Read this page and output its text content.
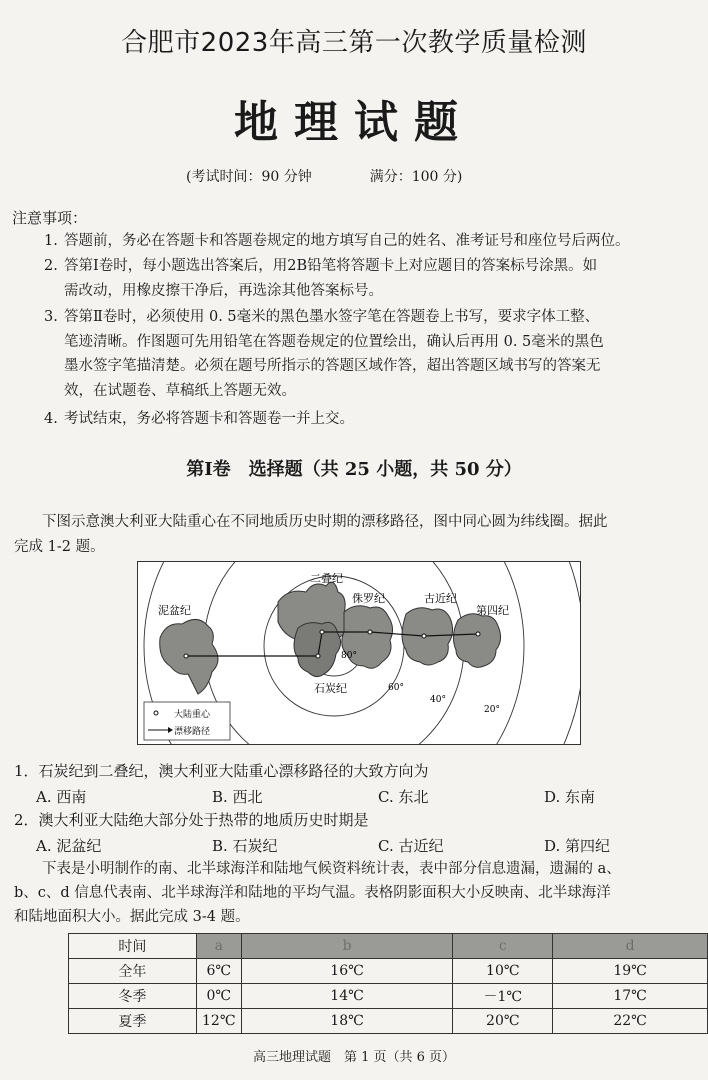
合肥市2023年高三第一次教学质量检测
地理试题
(考试时间：90 分钟	满分：100 分)
注意事项：
1. 答题前，务必在答题卡和答题卷规定的地方填写自己的姓名、准考证号和座位号后两位。
2. 答第Ⅰ卷时，每小题选出答案后，用2B铅笔将答题卡上对应题目的答案标号涂黑。如
需改动，用橡皮擦干净后，再选涂其他答案标号。
3. 答第Ⅱ卷时，必须使用 0. 5毫米的黑色墨水签字笔在答题卷上书写，要求字体工整、
笔迹清晰。作图题可先用铅笔在答题卷规定的位置绘出，确认后再用 0. 5毫米的黑色
墨水签字笔描清楚。必须在题号所指示的答题区域作答，超出答题区域书写的答案无
效，在试题卷、草稿纸上答题无效。
4. 考试结束，务必将答题卡和答题卷一并上交。
第Ⅰ卷　选择题（共 25 小题，共 50 分）
下图示意澳大利亚大陆重心在不同地质历史时期的漂移路径，图中同心圆为纬线圈。据此
完成 1-2 题。
泥盆纪
二叠纪
侏罗纪	古近纪
第四纪
石炭纪
80°
60°
40°
20°
大陆重心
漂移路径
1．石炭纪到二叠纪，澳大利亚大陆重心漂移路径的大致方向为
A. 西南	B. 西北	C. 东北	D. 东南
2．澳大利亚大陆绝大部分处于热带的地质历史时期是
A. 泥盆纪	B. 石炭纪	C. 古近纪	D. 第四纪
下表是小明制作的南、北半球海洋和陆地气候资料统计表，表中部分信息遗漏，遗漏的 a、
b、c、d 信息代表南、北半球海洋和陆地的平均气温。表格阴影面积大小反映南、北半球海洋
和陆地面积大小。据此完成 3-4 题。
时间	a	b	c	d
全年	6℃	16℃	10℃	19℃
冬季	0℃	14℃	－1℃	17℃
夏季	12℃	18℃	20℃	22℃
高三地理试题　第 1 页（共 6 页）
